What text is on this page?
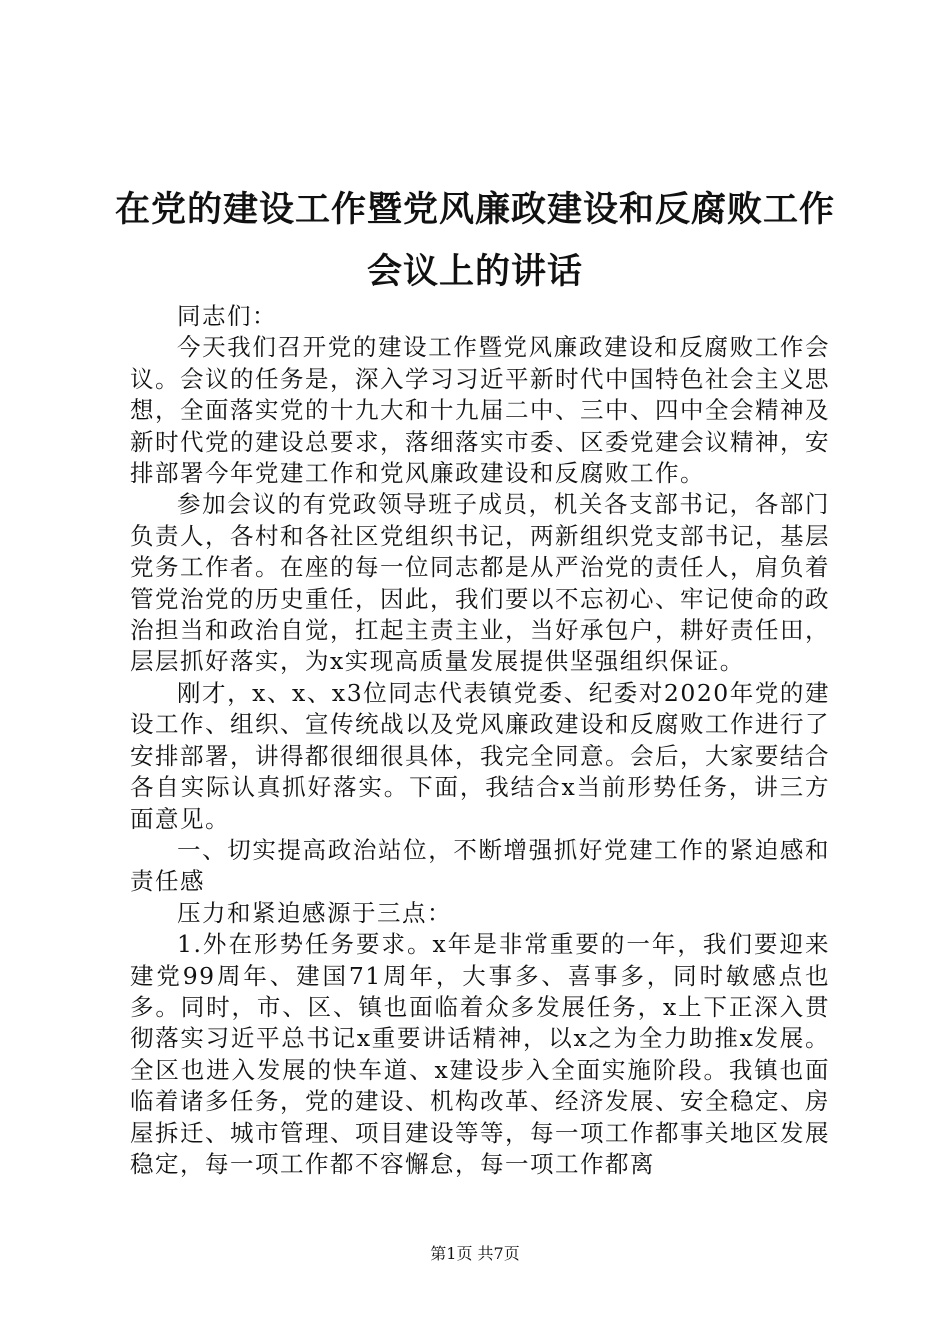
在党的建设工作暨党风廉政建设和反腐败工作
会议上的讲话

同志们：

今天我们召开党的建设工作暨党风廉政建设和反腐败工作会议。会议的任务是，深入学习习近平新时代中国特色社会主义思想，全面落实党的十九大和十九届二中、三中、四中全会精神及新时代党的建设总要求，落细落实市委、区委党建会议精神，安排部署今年党建工作和党风廉政建设和反腐败工作。

参加会议的有党政领导班子成员，机关各支部书记，各部门负责人，各村和各社区党组织书记，两新组织党支部书记，基层党务工作者。在座的每一位同志都是从严治党的责任人，肩负着管党治党的历史重任，因此，我们要以不忘初心、牢记使命的政治担当和政治自觉，扛起主责主业，当好承包户，耕好责任田，层层抓好落实，为x实现高质量发展提供坚强组织保证。

刚才，x、x、x3位同志代表镇党委、纪委对2020年党的建设工作、组织、宣传统战以及党风廉政建设和反腐败工作进行了安排部署，讲得都很细很具体，我完全同意。会后，大家要结合各自实际认真抓好落实。下面，我结合x当前形势任务，讲三方面意见。

一、切实提高政治站位，不断增强抓好党建工作的紧迫感和责任感

压力和紧迫感源于三点：

1.外在形势任务要求。x年是非常重要的一年，我们要迎来建党99周年、建国71周年，大事多、喜事多，同时敏感点也多。同时，市、区、镇也面临着众多发展任务，x上下正深入贯彻落实习近平总书记x重要讲话精神，以x之为全力助推x发展。全区也进入发展的快车道、x建设步入全面实施阶段。我镇也面临着诸多任务，党的建设、机构改革、经济发展、安全稳定、房屋拆迁、城市管理、项目建设等等，每一项工作都事关地区发展稳定，每一项工作都不容懈怠，每一项工作都离

第1页 共7页
